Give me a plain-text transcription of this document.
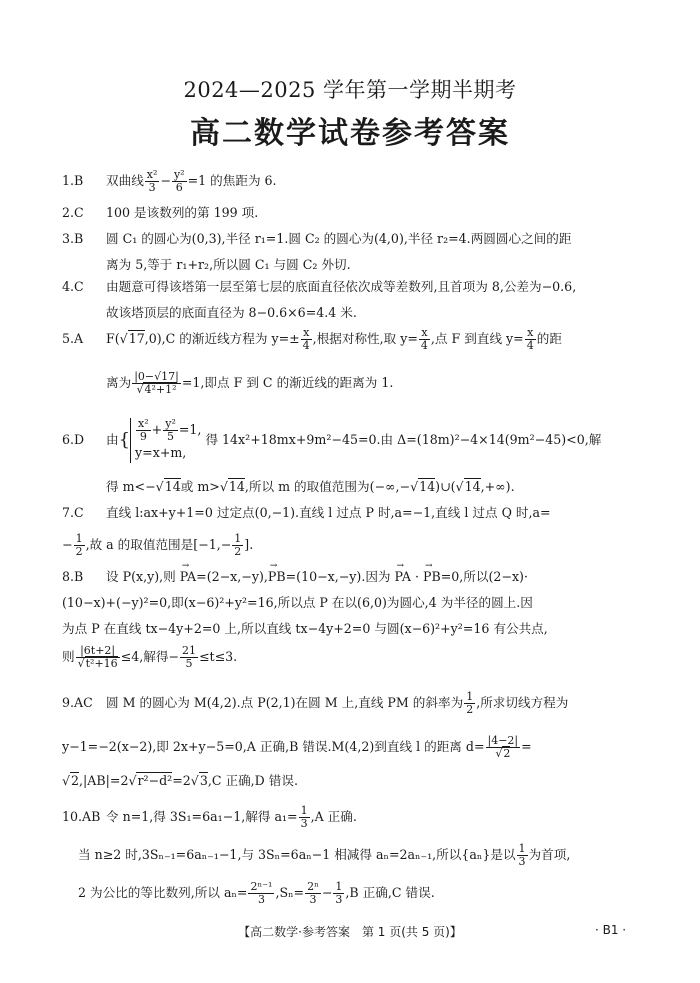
2024—2025 学年第一学期半期考
高二数学试卷参考答案
1.B 双曲线 $\frac{\text{x²}}{3} - \frac{\text{y²}}{6} =1$ 的焦距为 6.
2.C 100 是该数列的第 199 项.
3.B 圆 C₁ 的圆心为(0,3),半径 r₁=1.圆 C₂ 的圆心为(4,0),半径 r₂=4.两圆圆心之间的距
离为 5,等于 r₁+r₂,所以圆 C₁ 与圆 C₂ 外切.
4.C 由题意可得该塔第一层至第七层的底面直径依次成等差数列,且首项为 8,公差为−0.6,
故该塔顶层的底面直径为 8−0.6×6=4.4 米.
5.A F(√17,0),C 的渐近线方程为 $y=\pm \frac{x}{4}$ ,根据对称性,取 $y= \frac{x}{4}$ ,点 F 到直线 $y= \frac{x}{4}$ 的距
离为 $\frac{|0-√17|}{\text{√4²+1²}} =1$,即点 F 到 C 的渐近线的距离为 1.
6.D 由{ $\frac{\text{x²}}{9} + \frac{\text{y²}}{5} =1$,
y=x+m,得 14x²+18mx+9m²−45=0.由 Δ=(18m)²−4×14(9m²−45)<0,解
得 m<−√14或 m>√14,所以 m 的取值范围为(−∞,−√14)∪(√14,+∞).
7.C 直线 l:ax+y+1=0 过定点(0,−1).直线 l 过点 P 时,a=−1,直线 l 过点 Q 时,a=
− $\frac{1}{2}$ ,故 a 的取值范围是[$-1,- \frac{1}{2}$ ].
8.B 设 P(x,y),则 → PA=(2−x,−y),→ PB=(10−x,−y).因为 → PA · → PB=0,所以(2−x)·
(10−x)+(−y)²=0,即(x−6)²+y²=16,所以点 P 在以(6,0)为圆心,4 为半径的圆上.因
为点 P 在直线 tx−4y+2=0 上,所以直线 tx−4y+2=0 与圆(x−6)²+y²=16 有公共点,
则 $\frac{|6t+2|}{\text{√t²+16}} \le 4$,解得− $\frac{21}{5} \le t\le 3$.
9.AC 圆 M 的圆心为 M(4,2).点 P(2,1)在圆 M 上,直线 PM 的斜率为 $\frac{1}{2}$ ,所求切线方程为
y−1=−2(x−2),即 2x+y−5=0,A 正确,B 错误.M(4,2)到直线 l 的距离 $d= \frac{|4-2|}{√2}$ =
√2,|AB|=2√r²−d²=2√3,C 正确,D 错误.
10.AB 令 n=1,得 3S₁=6a₁−1,解得 $a_1= \frac{1}{3} ,A$ 正确.
当 n≥2 时,3Sₙ₋₁=6aₙ₋₁−1,与 3Sₙ=6aₙ−1 相减得 aₙ=2aₙ₋₁,所以{aₙ}是以 $\frac{1}{3}$ 为首项,
2 为公比的等比数列,所以 $a_n= \frac{\text{2ⁿ⁻¹}}{3} ,S_n= \frac{\text{2ⁿ}}{3} - \frac{1}{3} ,B$ 正确,C 错误.
【高二数学·参考答案　第 1 页(共 5 页)】	· B1 ·
